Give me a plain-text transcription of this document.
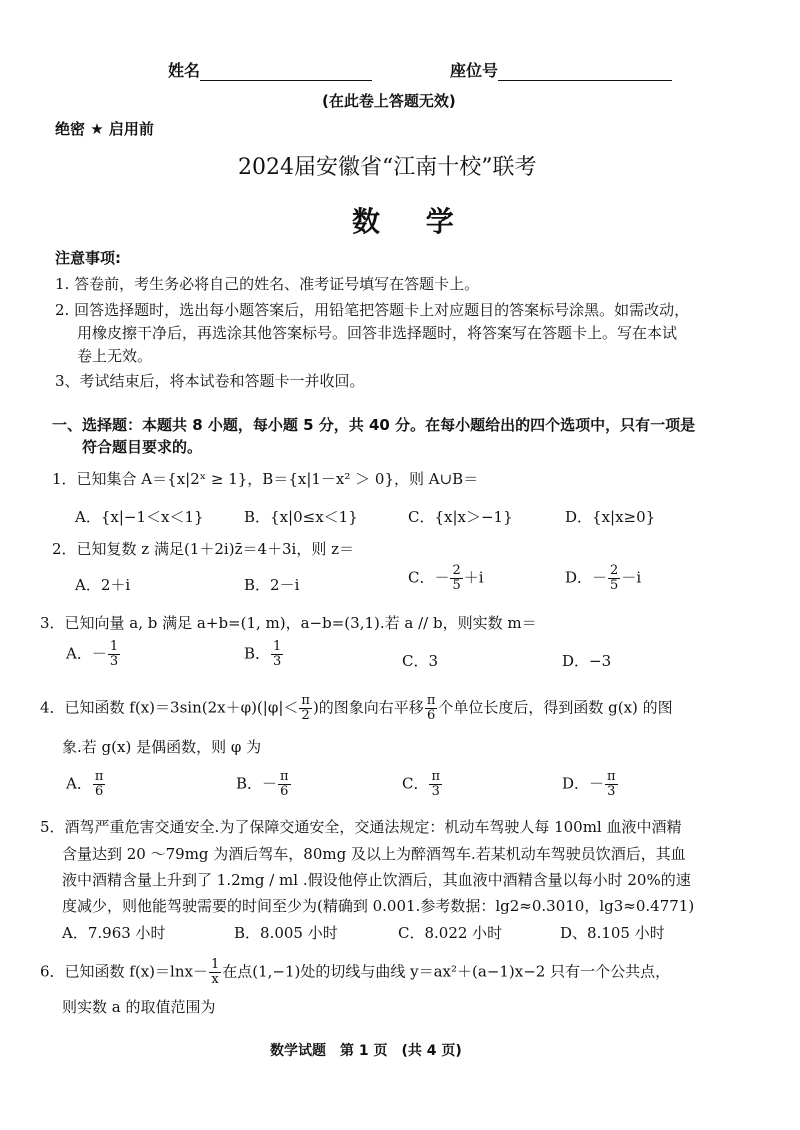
姓名	座位号
(在此卷上答题无效)
绝密 ★ 启用前
2024届安徽省“江南十校”联考
数 学
注意事项:
1. 答卷前，考生务必将自己的姓名、准考证号填写在答题卡上。
2. 回答选择题时，选出每小题答案后，用铅笔把答题卡上对应题目的答案标号涂黑。如需改动，
用橡皮擦干净后，再选涂其他答案标号。回答非选择题时，将答案写在答题卡上。写在本试
卷上无效。
3、考试结束后，将本试卷和答题卡一并收回。
一、选择题：本题共 8 小题，每小题 5 分，共 40 分。在每小题给出的四个选项中，只有一项是
符合题目要求的。
1．已知集合 A＝{x|2ˣ ≥ 1}，B＝{x|1－x² ＞ 0}，则 A∪B＝
A．{x|−1＜x＜1}	B．{x|0≤x＜1}	C．{x|x＞−1}	D．{x|x≥0}
2．已知复数 z 满足(1＋2i)z̄＝4＋3i，则 z＝
A．2＋i	B．2－i	C．－ $\frac{2}{5} +i$	D．－ $\frac{2}{5} -i$
3．已知向量 a, b 满足 a+b=(1, m)，a−b=(3,1).若 a // b，则实数 m＝
A．－ $\frac{1}{3}$	B． $\frac{1}{3}$	C．3	D．−3
4．已知函数 $f(x)=3\sin(2x+\varphi)(|\varphi|< \frac{\pi}{2}$ )的图象向右平移 $\frac{\pi}{6}$ 个单位长度后，得到函数 g(x) 的图
象.若 g(x) 是偶函数，则 φ 为
A． $\frac{\pi}{6}$	B．－ $\frac{\pi}{6}$	C． $\frac{\pi}{3}$	D．－ $\frac{\pi}{3}$
5．酒驾严重危害交通安全.为了保障交通安全，交通法规定：机动车驾驶人每 100ml 血液中酒精
含量达到 20 ～79mg 为酒后驾车，80mg 及以上为醉酒驾车.若某机动车驾驶员饮酒后，其血
液中酒精含量上升到了 1.2mg / ml .假设他停止饮酒后，其血液中酒精含量以每小时 20%的速
度减少，则他能驾驶需要的时间至少为(精确到 0.001.参考数据：lg2≈0.3010，lg3≈0.4771)
A．7.963 小时	B．8.005 小时	C．8.022 小时	D、8.105 小时
6．已知函数 $f(x)=\ln x- \frac{1}{x}$ 在点(1,−1)处的切线与曲线 y＝ax²＋(a−1)x−2 只有一个公共点，
则实数 a 的取值范围为
数学试题　第 1 页　(共 4 页)
